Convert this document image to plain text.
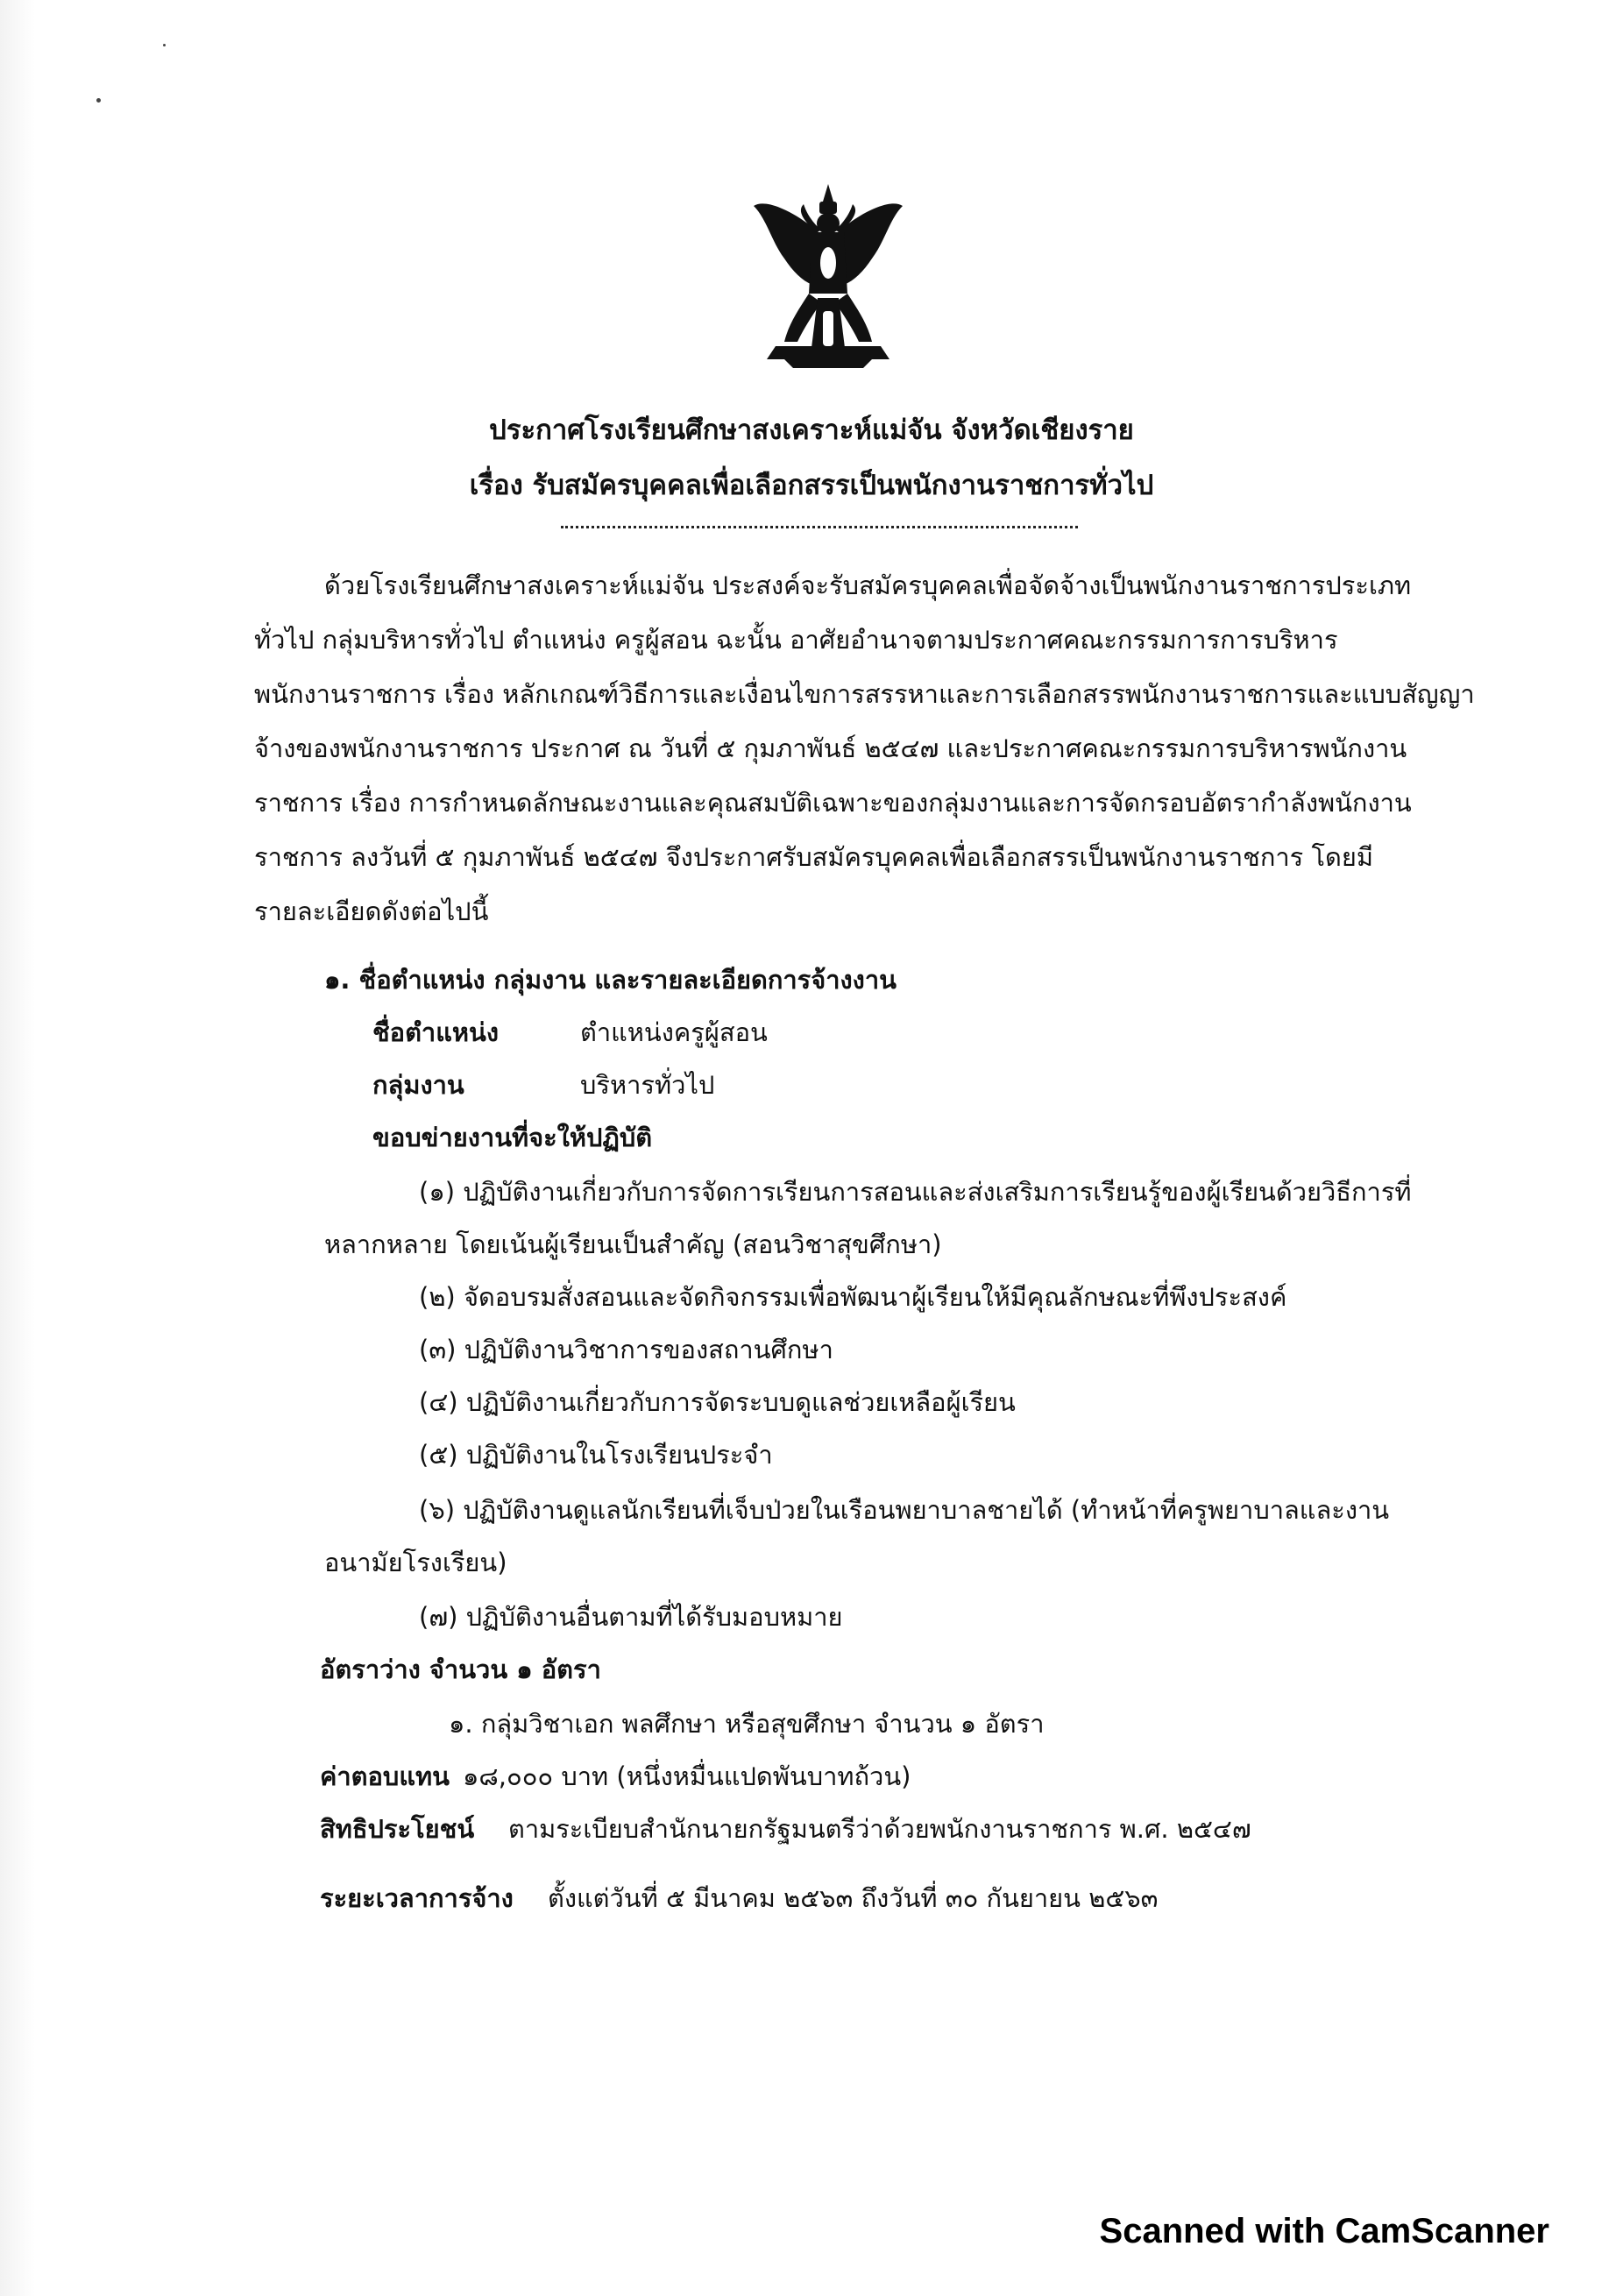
ประกาศโรงเรียนศึกษาสงเคราะห์แม่จัน จังหวัดเชียงราย
เรื่อง รับสมัครบุคคลเพื่อเลือกสรรเป็นพนักงานราชการทั่วไป
ด้วยโรงเรียนศึกษาสงเคราะห์แม่จัน ประสงค์จะรับสมัครบุคคลเพื่อจัดจ้างเป็นพนักงานราชการประเภท
ทั่วไป กลุ่มบริหารทั่วไป ตำแหน่ง ครูผู้สอน ฉะนั้น อาศัยอำนาจตามประกาศคณะกรรมการการบริหาร
พนักงานราชการ เรื่อง หลักเกณฑ์วิธีการและเงื่อนไขการสรรหาและการเลือกสรรพนักงานราชการและแบบสัญญา
จ้างของพนักงานราชการ ประกาศ ณ วันที่ ๕ กุมภาพันธ์ ๒๕๔๗ และประกาศคณะกรรมการบริหารพนักงาน
ราชการ เรื่อง การกำหนดลักษณะงานและคุณสมบัติเฉพาะของกลุ่มงานและการจัดกรอบอัตรากำลังพนักงาน
ราชการ ลงวันที่ ๕ กุมภาพันธ์ ๒๕๔๗ จึงประกาศรับสมัครบุคคลเพื่อเลือกสรรเป็นพนักงานราชการ โดยมี
รายละเอียดดังต่อไปนี้
๑. ชื่อตำแหน่ง กลุ่มงาน และรายละเอียดการจ้างงาน
ชื่อตำแหน่ง	ตำแหน่งครูผู้สอน
กลุ่มงาน	บริหารทั่วไป
ขอบข่ายงานที่จะให้ปฏิบัติ
(๑) ปฏิบัติงานเกี่ยวกับการจัดการเรียนการสอนและส่งเสริมการเรียนรู้ของผู้เรียนด้วยวิธีการที่
หลากหลาย โดยเน้นผู้เรียนเป็นสำคัญ (สอนวิชาสุขศึกษา)
(๒) จัดอบรมสั่งสอนและจัดกิจกรรมเพื่อพัฒนาผู้เรียนให้มีคุณลักษณะที่พึงประสงค์
(๓) ปฏิบัติงานวิชาการของสถานศึกษา
(๔) ปฏิบัติงานเกี่ยวกับการจัดระบบดูแลช่วยเหลือผู้เรียน
(๕) ปฏิบัติงานในโรงเรียนประจำ
(๖) ปฏิบัติงานดูแลนักเรียนที่เจ็บป่วยในเรือนพยาบาลชายได้ (ทำหน้าที่ครูพยาบาลและงาน
อนามัยโรงเรียน)
(๗) ปฏิบัติงานอื่นตามที่ได้รับมอบหมาย
อัตราว่าง จำนวน ๑ อัตรา
๑. กลุ่มวิชาเอก พลศึกษา หรือสุขศึกษา จำนวน ๑ อัตรา
ค่าตอบแทน ๑๘,๐๐๐ บาท (หนึ่งหมื่นแปดพันบาทถ้วน)
สิทธิประโยชน์ ตามระเบียบสำนักนายกรัฐมนตรีว่าด้วยพนักงานราชการ พ.ศ. ๒๕๔๗
ระยะเวลาการจ้าง ตั้งแต่วันที่ ๕ มีนาคม ๒๕๖๓ ถึงวันที่ ๓๐ กันยายน ๒๕๖๓
Scanned with CamScanner
